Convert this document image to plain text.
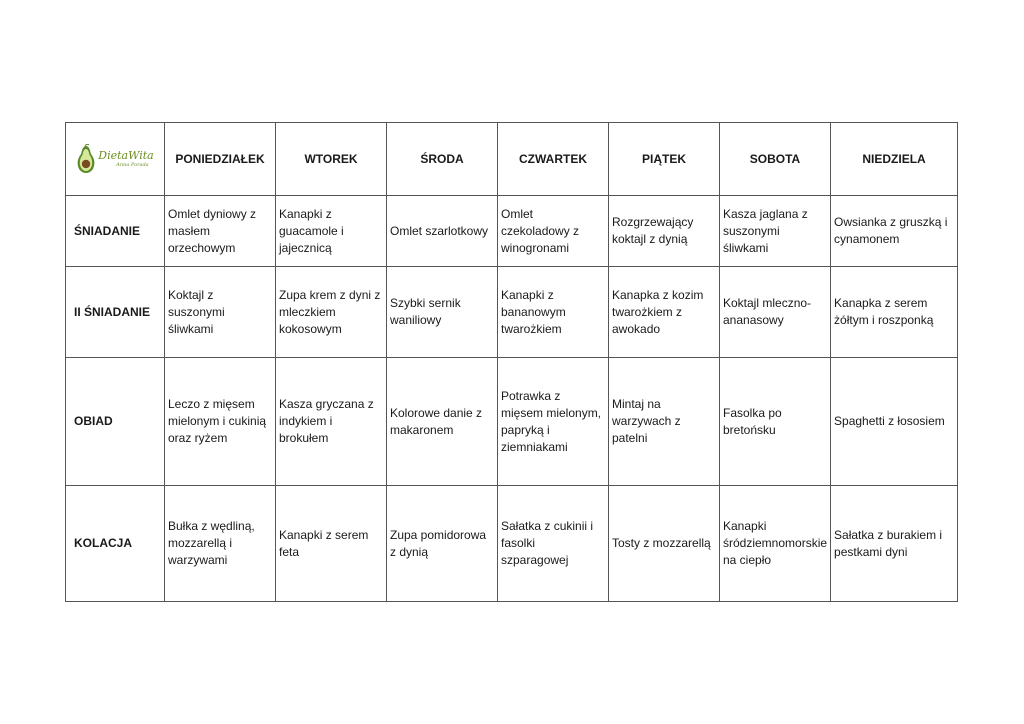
DietaWita
Anna Porada	PONIEDZIAŁEK	WTOREK	ŚRODA	CZWARTEK	PIĄTEK	SOBOTA	NIEDZIELA
ŚNIADANIE	Omlet dyniowy z masłem orzechowym	Kanapki z guacamole i jajecznicą	Omlet szarlotkowy	Omlet czekoladowy z winogronami	Rozgrzewający koktajl z dynią	Kasza jaglana z suszonymi śliwkami	Owsianka z gruszką i cynamonem
II ŚNIADANIE	Koktajl z suszonymi śliwkami	Zupa krem z dyni z mleczkiem kokosowym	Szybki sernik waniliowy	Kanapki z bananowym twarożkiem	Kanapka z kozim twarożkiem z awokado	Koktajl mleczno-ananasowy	Kanapka z serem żółtym i roszponką
OBIAD	Leczo z mięsem mielonym i cukinią oraz ryżem	Kasza gryczana z indykiem i brokułem	Kolorowe danie z makaronem	Potrawka z mięsem mielonym, papryką i ziemniakami	Mintaj na warzywach z patelni	Fasolka po bretońsku	Spaghetti z łososiem
KOLACJA	Bułka z wędliną, mozzarellą i warzywami	Kanapki z serem feta	Zupa pomidorowa z dynią	Sałatka z cukinii i fasolki szparagowej	Tosty z mozzarellą	Kanapki śródziemnomorskie na ciepło	Sałatka z burakiem i pestkami dyni
